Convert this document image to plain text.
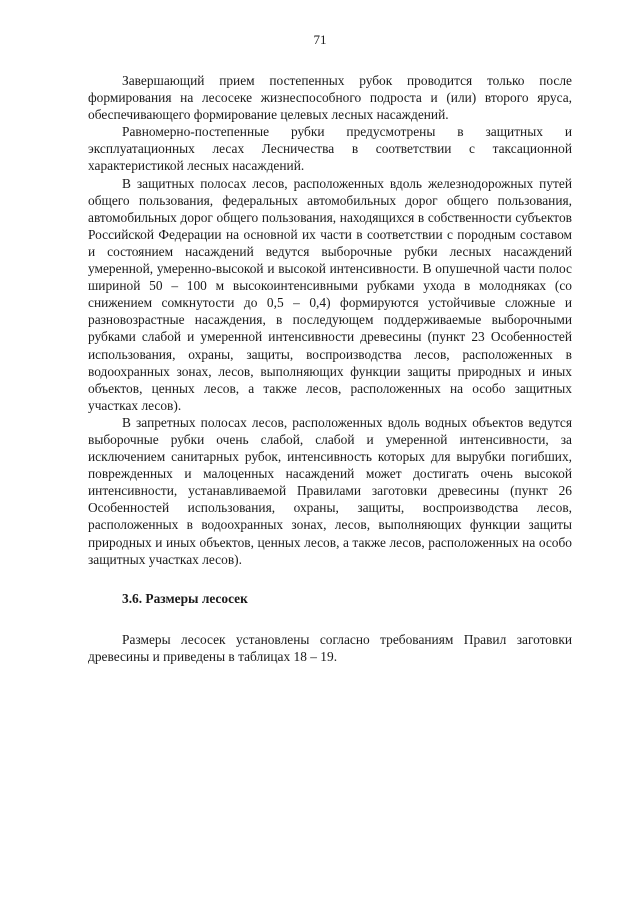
71

Завершающий прием постепенных рубок проводится только после формирования на лесосеке жизнеспособного подроста и (или) второго яруса, обеспечивающего формирование целевых лесных насаждений.

Равномерно-постепенные рубки предусмотрены в защитных и эксплуатационных лесах Лесничества в соответствии с таксационной характеристикой лесных насаждений.

В защитных полосах лесов, расположенных вдоль железнодорожных путей общего пользования, федеральных автомобильных дорог общего пользования, автомобильных дорог общего пользования, находящихся в собственности субъектов Российской Федерации на основной их части в соответствии с породным составом и состоянием насаждений ведутся выборочные рубки лесных насаждений умеренной, умеренно-высокой и высокой интенсивности. В опушечной части полос шириной 50 – 100 м высокоинтенсивными рубками ухода в молодняках (со снижением сомкнутости до 0,5 – 0,4) формируются устойчивые сложные и разновозрастные насаждения, в последующем поддерживаемые выборочными рубками слабой и умеренной интенсивности древесины (пункт 23 Особенностей использования, охраны, защиты, воспроизводства лесов, расположенных в водоохранных зонах, лесов, выполняющих функции защиты природных и иных объектов, ценных лесов, а также лесов, расположенных на особо защитных участках лесов).

В запретных полосах лесов, расположенных вдоль водных объектов ведутся выборочные рубки очень слабой, слабой и умеренной интенсивности, за исключением санитарных рубок, интенсивность которых для вырубки погибших, поврежденных и малоценных насаждений может достигать очень высокой интенсивности, устанавливаемой Правилами заготовки древесины (пункт 26 Особенностей использования, охраны, защиты, воспроизводства лесов, расположенных в водоохранных зонах, лесов, выполняющих функции защиты природных и иных объектов, ценных лесов, а также лесов, расположенных на особо защитных участках лесов).

3.6. Размеры лесосек

Размеры лесосек установлены согласно требованиям Правил заготовки древесины и приведены в таблицах 18 – 19.
